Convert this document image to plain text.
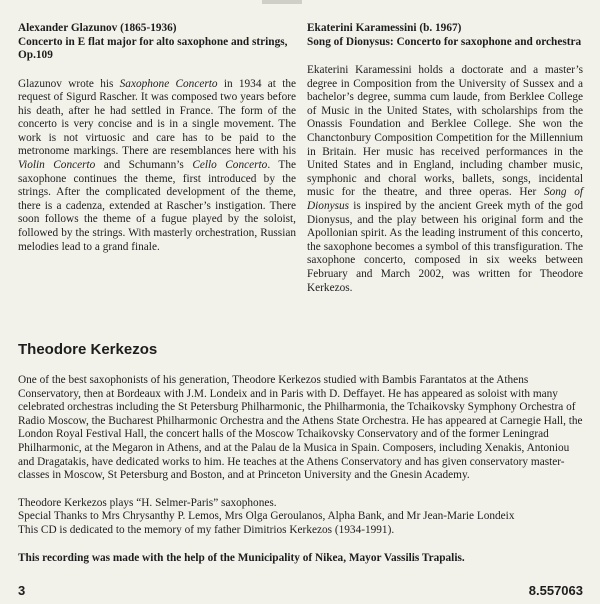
Alexander Glazunov (1865-1936)
Concerto in E flat major for alto saxophone and strings, Op.109
Glazunov wrote his Saxophone Concerto in 1934 at the request of Sigurd Rascher. It was composed two years before his death, after he had settled in France. The form of the concerto is very concise and is in a single movement. The work is not virtuosic and care has to be paid to the metronome markings. There are resemblances here with his Violin Concerto and Schumann’s Cello Concerto. The saxophone continues the theme, first introduced by the strings. After the complicated development of the theme, there is a cadenza, extended at Rascher’s instigation. There soon follows the theme of a fugue played by the soloist, followed by the strings. With masterly orchestration, Russian melodies lead to a grand finale.
Ekaterini Karamessini (b. 1967)
Song of Dionysus: Concerto for saxophone and orchestra
Ekaterini Karamessini holds a doctorate and a master’s degree in Composition from the University of Sussex and a bachelor’s degree, summa cum laude, from Berklee College of Music in the United States, with scholarships from the Onassis Foundation and Berklee College. She won the Chanctonbury Composition Competition for the Millennium in Britain. Her music has received performances in the United States and in England, including chamber music, symphonic and choral works, ballets, songs, incidental music for the theatre, and three operas. Her Song of Dionysus is inspired by the ancient Greek myth of the god Dionysus, and the play between his original form and the Apollonian spirit. As the leading instrument of this concerto, the saxophone becomes a symbol of this transfiguration. The saxophone concerto, composed in six weeks between February and March 2002, was written for Theodore Kerkezos.
Theodore Kerkezos

One of the best saxophonists of his generation, Theodore Kerkezos studied with Bambis Farantatos at the Athens Conservatory, then at Bordeaux with J.M. Londeix and in Paris with D. Deffayet. He has appeared as soloist with many celebrated orchestras including the St Petersburg Philharmonic, the Philharmonia, the Tchaikovsky Symphony Orchestra of Radio Moscow, the Bucharest Philharmonic Orchestra and the Athens State Orchestra. He has appeared at Carnegie Hall, the London Royal Festival Hall, the concert halls of the Moscow Tchaikovsky Conservatory and of the former Leningrad Philharmonic, at the Megaron in Athens, and at the Palau de la Musica in Spain. Composers, including Xenakis, Antoniou and Dragatakis, have dedicated works to him. He teaches at the Athens Conservatory and has given conservatory master-classes in Moscow, St Petersburg and Boston, and at Princeton University and the Gnesin Academy.

Theodore Kerkezos plays “H. Selmer-Paris” saxophones.

Special Thanks to Mrs Chrysanthy P. Lemos, Mrs Olga Geroulanos, Alpha Bank, and Mr Jean-Marie Londeix

This CD is dedicated to the memory of my father Dimitrios Kerkezos (1934-1991).

This recording was made with the help of the Municipality of Nikea, Mayor Vassilis Trapalis.

3	8.557063
